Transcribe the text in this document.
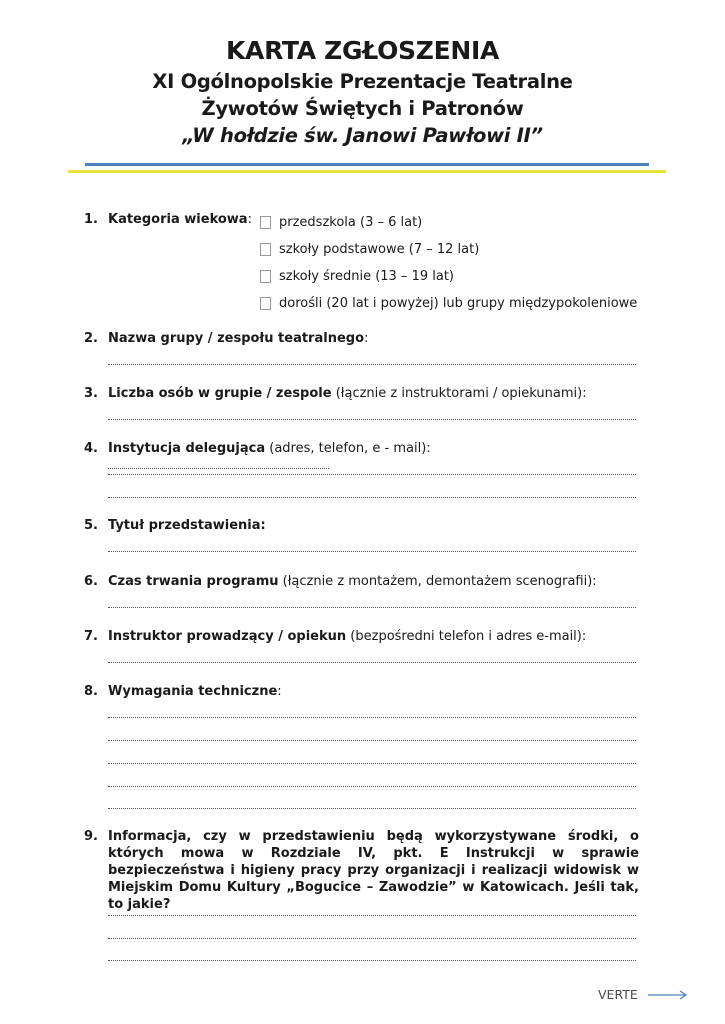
KARTA ZGŁOSZENIA
XI Ogólnopolskie Prezentacje Teatralne
Żywotów Świętych i Patronów
„W hołdzie św. Janowi Pawłowi II”
1. Kategoria wiekowa:	przedszkola (3 – 6 lat)
szkoły podstawowe (7 – 12 lat)
szkoły średnie (13 – 19 lat)
dorośli (20 lat i powyżej) lub grupy międzypokoleniowe
2. Nazwa grupy / zespołu teatralnego:
3. Liczba osób w grupie / zespole (łącznie z instruktorami / opiekunami):
4. Instytucja delegująca (adres, telefon, e - mail):
5. Tytuł przedstawienia:
6. Czas trwania programu (łącznie z montażem, demontażem scenografii):
7. Instruktor prowadzący / opiekun (bezpośredni telefon i adres e-mail):
8. Wymagania techniczne:
9. Informacja, czy w przedstawieniu będą wykorzystywane środki, o których mowa w Rozdziale IV, pkt. E Instrukcji w sprawie bezpieczeństwa i higieny pracy przy organizacji i realizacji widowisk w Miejskim Domu Kultury „Bogucice – Zawodzie” w Katowicach. Jeśli tak, to jakie?
VERTE
